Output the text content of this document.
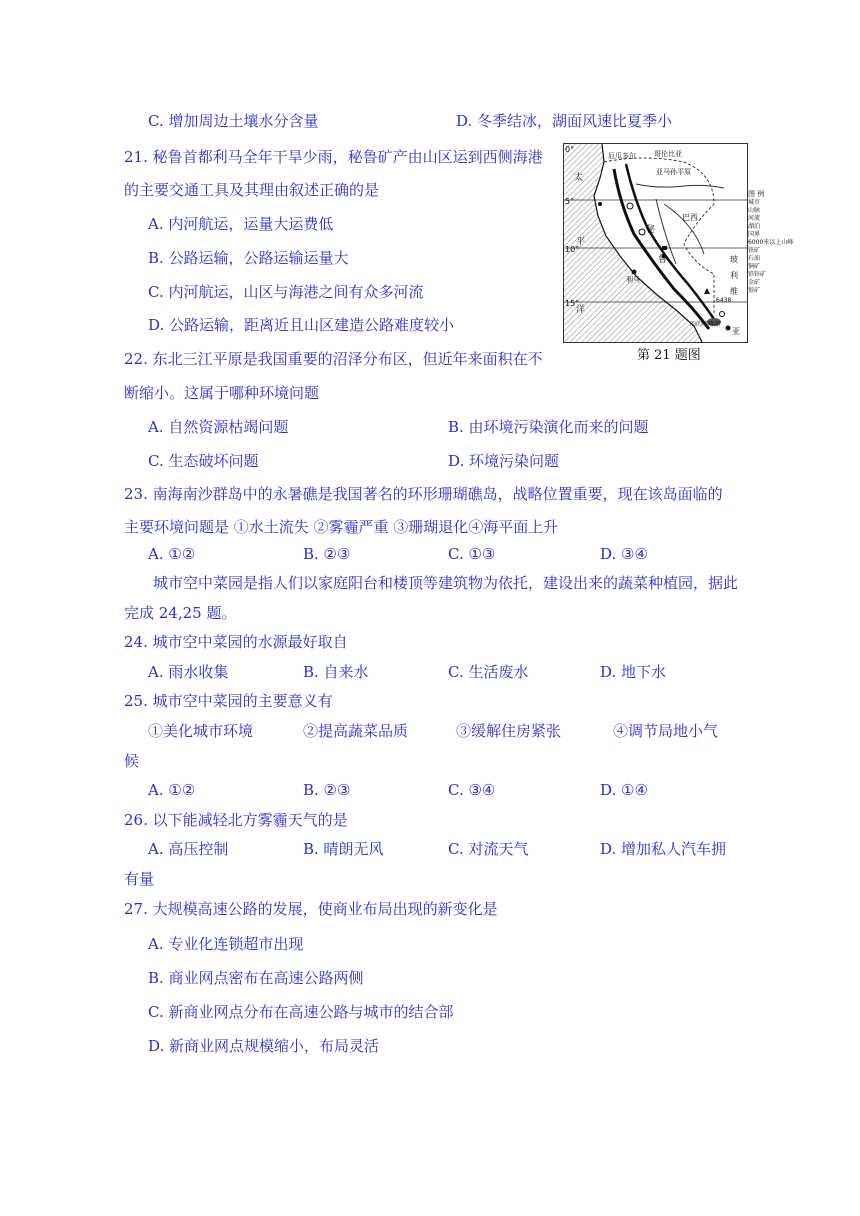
C. 增加周边土壤水分含量	D. 冬季结冰，湖面风速比夏季小
21. 秘鲁首都利马全年干旱少雨，秘鲁矿产由山区运到西侧海港
的主要交通工具及其理由叙述正确的是
A. 内河航运，运量大运费低
B. 公路运输，公路运输运量大
C. 内河航运，山区与海港之间有众多河流
D. 公路运输，距离近且山区建造公路难度较小
0°
5°
10°
15°
厄瓜多尔	哥伦比亚
亚马孙平原
巴西
秘
鲁
利马
玻
利
维
亚
的的喀喀湖
6438
太
平
洋
图 例
城市
山脉
河流
湖泊
国界
6000米以上山峰
铁矿
石油
铜矿
铅锌矿
金矿
银矿
第 21 题图
22. 东北三江平原是我国重要的沼泽分布区，但近年来面积在不
断缩小。这属于哪种环境问题
A. 自然资源枯竭问题	B. 由环境污染演化而来的问题
C. 生态破坏问题	D. 环境污染问题
23. 南海南沙群岛中的永暑礁是我国著名的环形珊瑚礁岛，战略位置重要，现在该岛面临的
主要环境问题是 ①水土流失 ②雾霾严重 ③珊瑚退化④海平面上升
A. ①②	B. ②③	C. ①③	D. ③④
城市空中菜园是指人们以家庭阳台和楼顶等建筑物为依托，建设出来的蔬菜种植园，据此
完成 24,25 题。
24. 城市空中菜园的水源最好取自
A. 雨水收集	B. 自来水	C. 生活废水	D. 地下水
25. 城市空中菜园的主要意义有
①美化城市环境	②提高蔬菜品质	③缓解住房紧张	④调节局地小气
候
A. ①②	B. ②③	C. ③④	D. ①④
26. 以下能减轻北方雾霾天气的是
A. 高压控制	B. 晴朗无风	C. 对流天气	D. 增加私人汽车拥
有量
27. 大规模高速公路的发展，使商业布局出现的新变化是
A. 专业化连锁超市出现
B. 商业网点密布在高速公路两侧
C. 新商业网点分布在高速公路与城市的结合部
D. 新商业网点规模缩小，布局灵活
